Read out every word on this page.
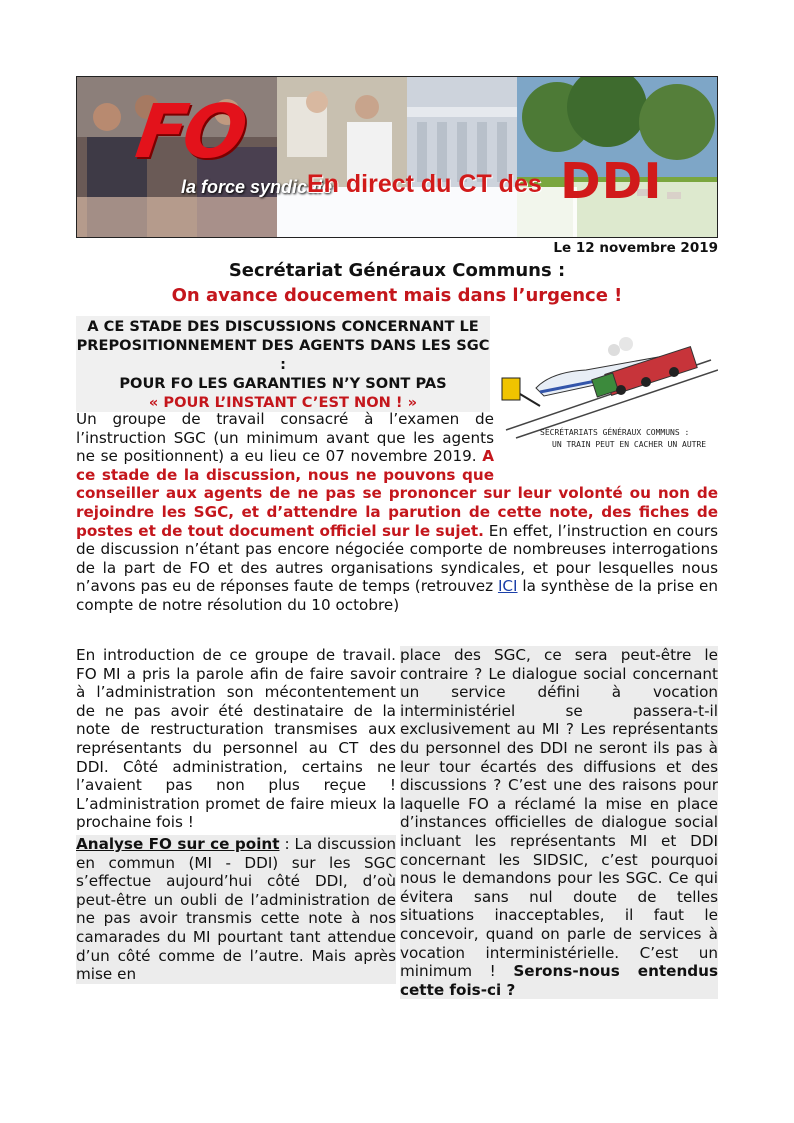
FO
la force syndicale
En direct du CT des DDI
Le 12 novembre 2019
Secrétariat Généraux Communs :
On avance doucement mais dans l’urgence !
A CE STADE DES DISCUSSIONS CONCERNANT LE PREPOSITIONNEMENT DES AGENTS DANS LES SGC :
POUR FO LES GARANTIES N’Y SONT PAS
« POUR L’INSTANT C’EST NON ! »
SECRÉTARIATS GÉNÉRAUX COMMUNS :
UN TRAIN PEUT EN CACHER UN AUTRE
Un groupe de travail consacré à l’examen de l’instruction SGC (un minimum avant que les agents ne se positionnent) a eu lieu ce 07 novembre 2019. A ce stade de la discussion, nous ne pouvons que conseiller aux agents de ne pas se prononcer sur leur volonté ou non de rejoindre les SGC, et d’attendre la parution de cette note, des fiches de postes et de tout document officiel sur le sujet. En effet, l’instruction en cours de discussion n’étant pas encore négociée comporte de nombreuses interrogations de la part de FO et des autres organisations syndicales, et pour lesquelles nous n’avons pas eu de réponses faute de temps (retrouvez ICI la synthèse de la prise en compte de notre résolution du 10 octobre)

En introduction de ce groupe de travail. FO MI a pris la parole afin de faire savoir à l’administration son mécontentement de ne pas avoir été destinataire de la note de restructuration transmises aux représentants du personnel au CT des DDI. Côté administration, certains ne l’avaient pas non plus reçue ! L’administration promet de faire mieux la prochaine fois !

Analyse FO sur ce point : La discussion en commun (MI - DDI) sur les SGC s’effectue aujourd’hui côté DDI, d’où peut-être un oubli de l’administration de ne pas avoir transmis cette note à nos camarades du MI pourtant tant attendue d’un côté comme de l’autre. Mais après mise en

place des SGC, ce sera peut-être le contraire ? Le dialogue social concernant un service défini à vocation interministériel se passera-t-il exclusivement au MI ? Les représentants du personnel des DDI ne seront ils pas à leur tour écartés des diffusions et des discussions ? C’est une des raisons pour laquelle FO a réclamé la mise en place d’instances officielles de dialogue social incluant les représentants MI et DDI concernant les SIDSIC, c’est pourquoi nous le demandons pour les SGC. Ce qui évitera sans nul doute de telles situations inacceptables, il faut le concevoir, quand on parle de services à vocation interministérielle. C’est un minimum ! Serons-nous entendus cette fois-ci ?
